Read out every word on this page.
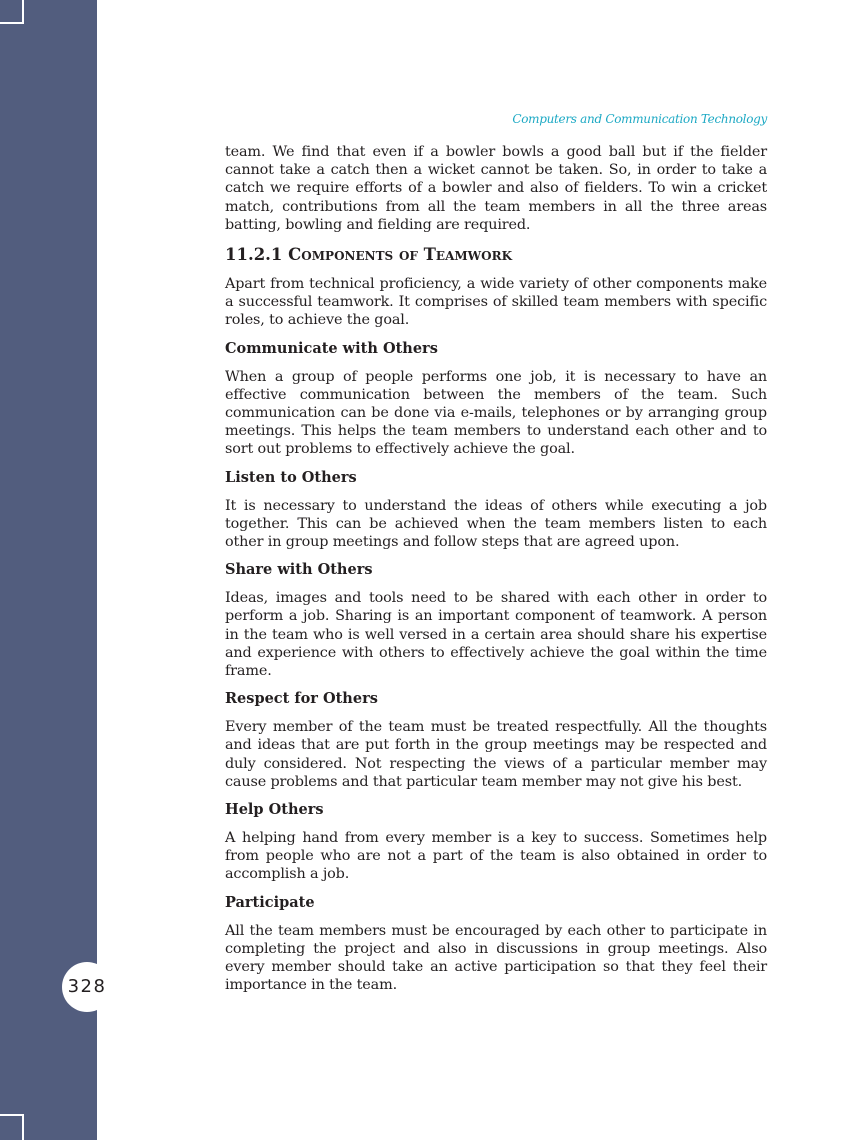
328
Computers and Communication Technology

team. We find that even if a bowler bowls a good ball but if the fielder cannot take a catch then a wicket cannot be taken. So, in order to take a catch we require efforts of a bowler and also of fielders. To win a cricket match, contributions from all the team members in all the three areas batting, bowling and fielding are required.

11.2.1 Components of Teamwork

Apart from technical proficiency, a wide variety of other components make a successful teamwork. It comprises of skilled team members with specific roles, to achieve the goal.

Communicate with Others

When a group of people performs one job, it is necessary to have an effective communication between the members of the team. Such communication can be done via e-mails, telephones or by arranging group meetings. This helps the team members to understand each other and to sort out problems to effectively achieve the goal.

Listen to Others

It is necessary to understand the ideas of others while executing a job together. This can be achieved when the team members listen to each other in group meetings and follow steps that are agreed upon.

Share with Others

Ideas, images and tools need to be shared with each other in order to perform a job. Sharing is an important component of teamwork. A person in the team who is well versed in a certain area should share his expertise and experience with others to effectively achieve the goal within the time frame.

Respect for Others

Every member of the team must be treated respectfully. All the thoughts and ideas that are put forth in the group meetings may be respected and duly considered. Not respecting the views of a particular member may cause problems and that particular team member may not give his best.

Help Others

A helping hand from every member is a key to success. Sometimes help from people who are not a part of the team is also obtained in order to accomplish a job.

Participate

All the team members must be encouraged by each other to participate in completing the project and also in discussions in group meetings. Also every member should take an active participation so that they feel their importance in the team.
